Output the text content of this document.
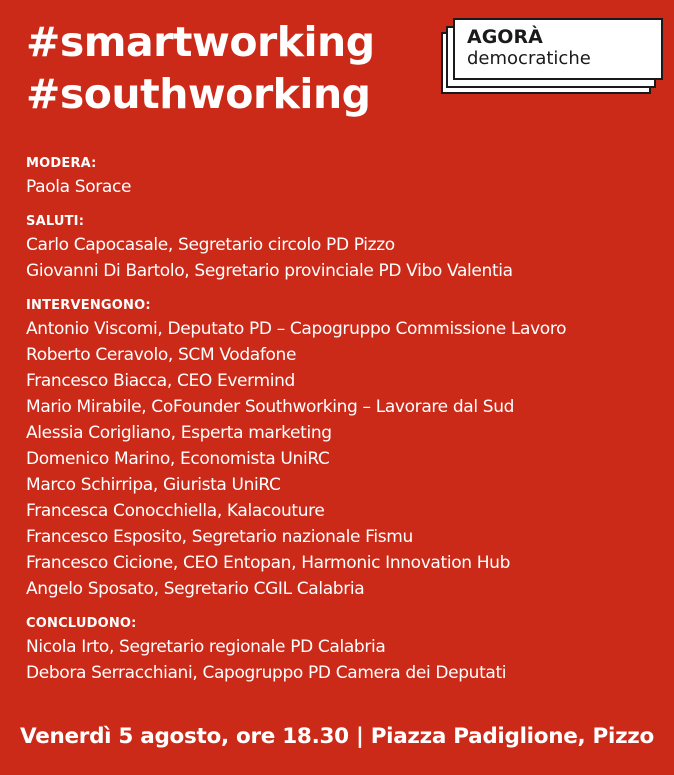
#smartworking
#southworking
AGORÀ
democratiche
MODERA:
Paola Sorace
SALUTI:
Carlo Capocasale, Segretario circolo PD Pizzo
Giovanni Di Bartolo, Segretario provinciale PD Vibo Valentia
INTERVENGONO:
Antonio Viscomi, Deputato PD – Capogruppo Commissione Lavoro
Roberto Ceravolo, SCM Vodafone
Francesco Biacca, CEO Evermind
Mario Mirabile, CoFounder Southworking – Lavorare dal Sud
Alessia Corigliano, Esperta marketing
Domenico Marino, Economista UniRC
Marco Schirripa, Giurista UniRC
Francesca Conocchiella, Kalacouture
Francesco Esposito, Segretario nazionale Fismu
Francesco Cicione, CEO Entopan, Harmonic Innovation Hub
Angelo Sposato, Segretario CGIL Calabria
CONCLUDONO:
Nicola Irto, Segretario regionale PD Calabria
Debora Serracchiani, Capogruppo PD Camera dei Deputati
Venerdì 5 agosto, ore 18.30 | Piazza Padiglione, Pizzo
